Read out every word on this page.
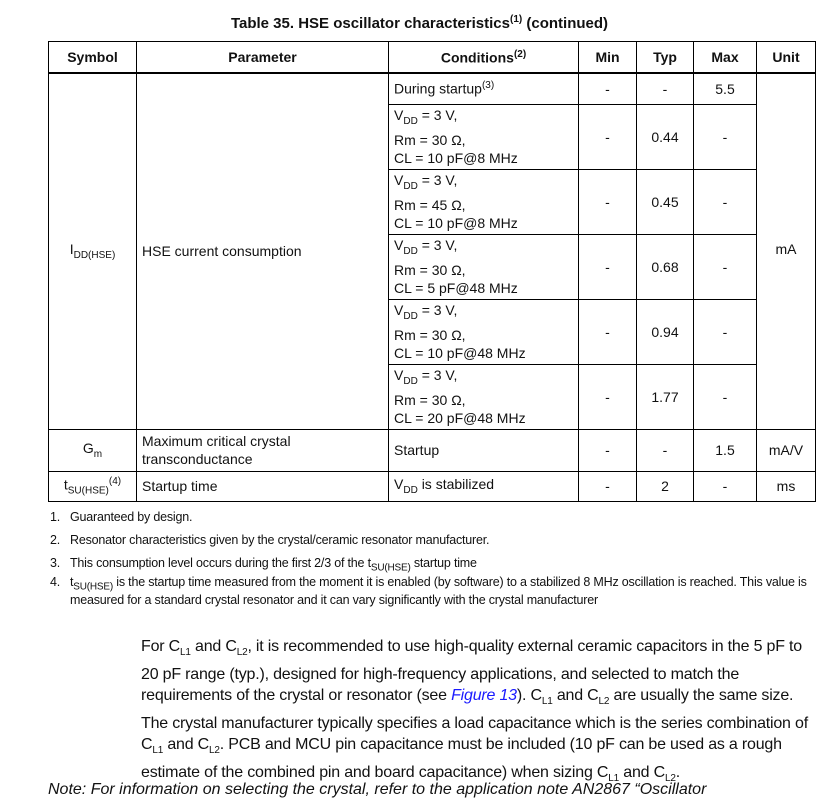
Table 35. HSE oscillator characteristics$^{(1)}$ (continued)
Symbol	Parameter	Conditions$^{(2)}$	Min	Typ	Max	Unit
$I_{DD(HSE)}$	HSE current consumption	During startup$^{(3)}$	-	-	5.5	mA
		$V_{DD} = 3$ V,
Rm = 30 Ω,
CL = 10 pF@8 MHz	-	0.44	-	
		$V_{DD} = 3$ V,
Rm = 45 Ω,
CL = 10 pF@8 MHz	-	0.45	-	
		$V_{DD} = 3$ V,
Rm = 30 Ω,
CL = 5 pF@48 MHz	-	0.68	-	
		$V_{DD} = 3$ V,
Rm = 30 Ω,
CL = 10 pF@48 MHz	-	0.94	-	
		$V_{DD} = 3$ V,
Rm = 30 Ω,
CL = 20 pF@48 MHz	-	1.77	-	
$G_m$	Maximum critical crystal transconductance	Startup	-	-	1.5	mA/V
$t_{SU(HSE)}^{(4)}$	Startup time	$V_{DD}$ is stabilized	-	2	-	ms
1. Guaranteed by design.
2. Resonator characteristics given by the crystal/ceramic resonator manufacturer.
3. This consumption level occurs during the first 2/3 of the $t_{SU(HSE)}$ startup time
4. $t_{SU(HSE)}$ is the startup time measured from the moment it is enabled (by software) to a stabilized 8 MHz oscillation is reached. This value is measured for a standard crystal resonator and it can vary significantly with the crystal manufacturer
For $C_{L1}$ and $C_{L2}$, it is recommended to use high-quality external ceramic capacitors in the 5 pF to 20 pF range (typ.), designed for high-frequency applications, and selected to match the requirements of the crystal or resonator (see Figure 13). $C_{L1}$ and $C_{L2}$ are usually the same size. The crystal manufacturer typically specifies a load capacitance which is the series combination of $C_{L1}$ and $C_{L2}$. PCB and MCU pin capacitance must be included (10 pF can be used as a rough estimate of the combined pin and board capacitance) when sizing $C_{L1}$ and $C_{L2}$.
Note: For information on selecting the crystal, refer to the application note AN2867 “Oscillator
